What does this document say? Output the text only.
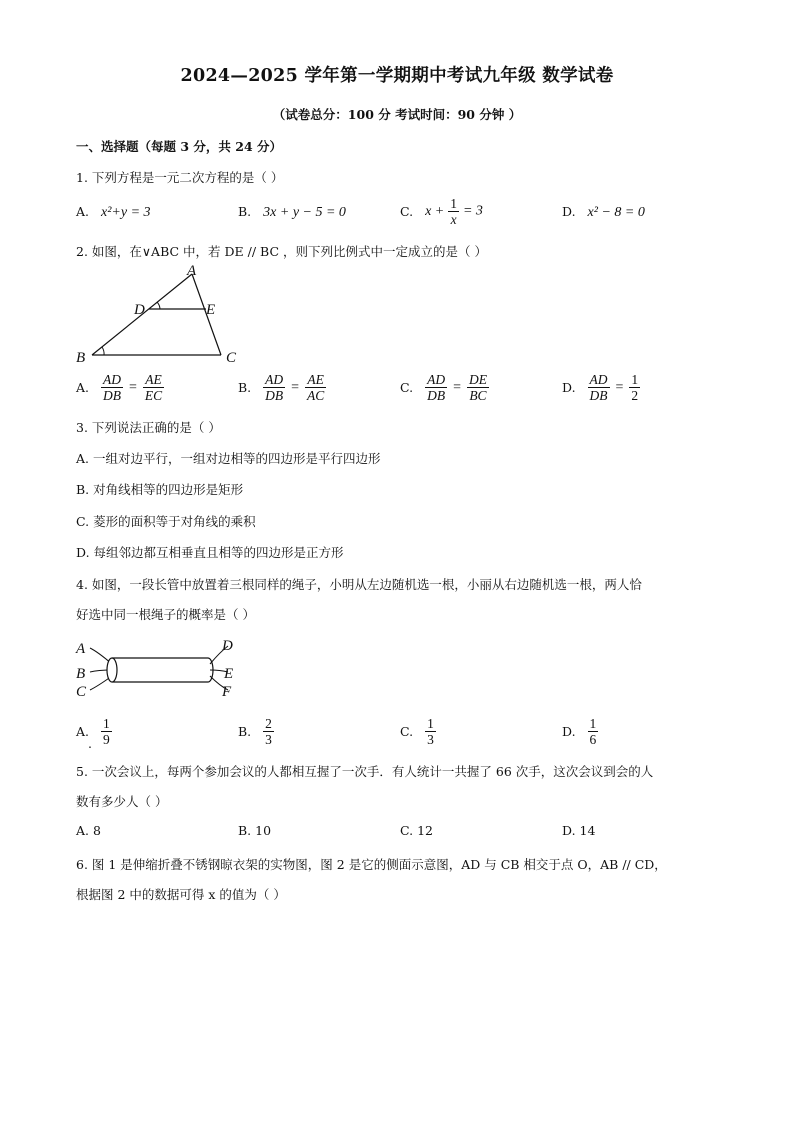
2024—2025 学年第一学期期中考试九年级 数学试卷
（试卷总分：100 分 考试时间：90 分钟 ）
一、选择题（每题 3 分，共 24 分）
1. 下列方程是一元二次方程的是（ ）
A. x²+y = 3	B. 3x + y − 5 = 0	C. $x + \frac{1}{x} = 3$	D. x² − 8 = 0
2. 如图，在∨ABC 中，若 DE // BC ，则下列比例式中一定成立的是（ ）
A
D	E
B	C
A. $\frac{AD}{DB} = \frac{AE}{EC}$	B. $\frac{AD}{DB} = \frac{AE}{AC}$	C. $\frac{AD}{DB} = \frac{DE}{BC}$	D. $\frac{AD}{DB} = \frac{1}{2}$
3. 下列说法正确的是（ ）
A. 一组对边平行，一组对边相等的四边形是平行四边形
B. 对角线相等的四边形是矩形
C. 菱形的面积等于对角线的乘积
D. 每组邻边都互相垂直且相等的四边形是正方形
4. 如图，一段长管中放置着三根同样的绳子，小明从左边随机选一根，小丽从右边随机选一根，两人恰
好选中同一根绳子的概率是（ ）
A
B
C
D
E
F
A. $\frac{1}{9}$
.
B. $\frac{2}{3}$	C. $\frac{1}{3}$	D. $\frac{1}{6}$
5. 一次会议上，每两个参加会议的人都相互握了一次手．有人统计一共握了 66 次手，这次会议到会的人
数有多少人（ ）
A. 8	B. 10	C. 12	D. 14
6. 图 1 是伸缩折叠不锈钢晾衣架的实物图，图 2 是它的侧面示意图，AD 与 CB 相交于点 O，AB // CD，
根据图 2 中的数据可得 x 的值为（ ）
